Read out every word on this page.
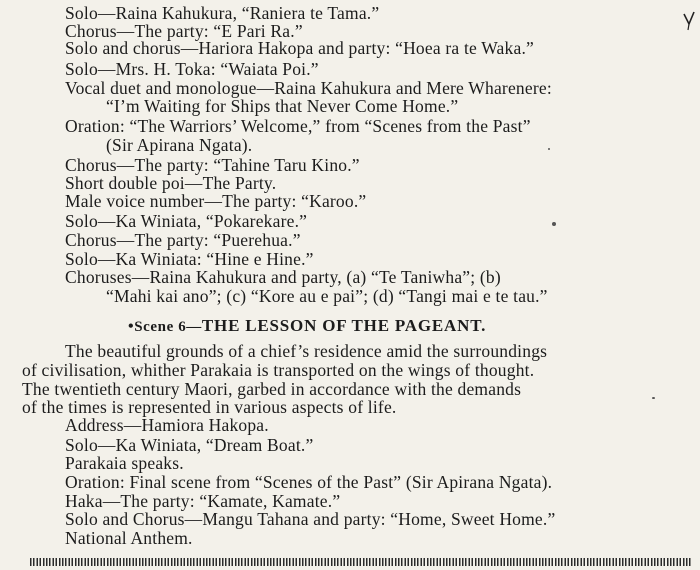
Solo—Raina Kahukura, “Raniera te Tama.”
Chorus—The party: “E Pari Ra.”
Solo and chorus—Hariora Hakopa and party: “Hoea ra te Waka.”
Solo—Mrs. H. Toka: “Waiata Poi.”
Vocal duet and monologue—Raina Kahukura and Mere Wharenere:
“I’m Waiting for Ships that Never Come Home.”
Oration: “The Warriors’ Welcome,” from “Scenes from the Past”
(Sir Apirana Ngata).
Chorus—The party: “Tahine Taru Kino.”
Short double poi—The Party.
Male voice number—The party: “Karoo.”
Solo—Ka Winiata, “Pokarekare.”
Chorus—The party: “Puerehua.”
Solo—Ka Winiata: “Hine e Hine.”
Choruses—Raina Kahukura and party, (a) “Te Taniwha”; (b)
“Mahi kai ano”; (c) “Kore au e pai”; (d) “Tangi mai e te tau.”
•Scene 6—THE LESSON OF THE PAGEANT.
The beautiful grounds of a chief’s residence amid the surroundings
of civilisation, whither Parakaia is transported on the wings of thought.
The twentieth century Maori, garbed in accordance with the demands
of the times is represented in various aspects of life.
Address—Hamiora Hakopa.
Solo—Ka Winiata, “Dream Boat.”
Parakaia speaks.
Oration: Final scene from “Scenes of the Past” (Sir Apirana Ngata).
Haka—The party: “Kamate, Kamate.”
Solo and Chorus—Mangu Tahana and party: “Home, Sweet Home.”
National Anthem.
